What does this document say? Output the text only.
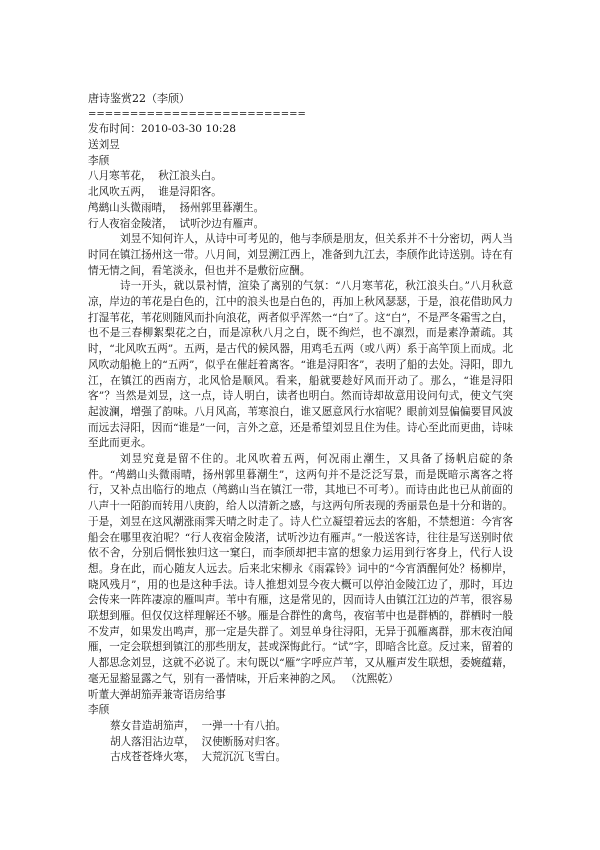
唐诗鉴赏22（李颀）
==========================
发布时间：2010-03-30 10:28
送刘昱
李颀
八月寒苇花，  秋江浪头白。
北风吹五两，  谁是浔阳客。
鸬鹚山头微雨晴，  扬州郭里暮潮生。
行人夜宿金陵渚，  试听沙边有雁声。

刘昱不知何许人，从诗中可考见的，他与李颀是朋友，但关系并不十分密切，两人当时同在镇江扬州这一带。八月间，刘昱溯江西上，准备到九江去，李颀作此诗送别。诗在有情无情之间，看笔淡永，但也并不是敷衍应酬。

诗一开头，就以景衬情，渲染了离别的气氛：“八月寒苇花，秋江浪头白。”八月秋意凉，岸边的苇花是白色的，江中的浪头也是白色的，再加上秋风瑟瑟，于是，浪花借助风力打湿苇花，苇花则随风而扑向浪花，两者似乎浑然一“白”了。这“白”，不是严冬霜雪之白，也不是三春柳絮梨花之白，而是凉秋八月之白，既不绚烂，也不凛烈，而是素净萧疏。其时，“北风吹五两”。五两，是古代的候风器，用鸡毛五两（或八两）系于高竿顶上而成。北风吹动船桅上的“五两”，似乎在催赶着离客。“谁是浔阳客”，表明了船的去处。浔阳，即九江，在镇江的西南方，北风恰是顺风。看来，船就要趁好风而开动了。那么，“谁是浔阳客”？当然是刘昱，这一点，诗人明白，读者也明白。然而诗却故意用设问句式，使文气突起波澜，增强了韵味。八月风高，苇寒浪白，谁又愿意风行水宿呢？眼前刘昱偏偏要冒风波而远去浔阳，因而“谁是”一问，言外之意，还是希望刘昱且住为佳。诗心至此而更曲，诗味至此而更永。

刘昱究竟是留不住的。北风吹着五两，何况雨止潮生，又具备了扬帆启碇的条件。“鸬鹚山头微雨晴，扬州郭里暮潮生”，这两句并不是泛泛写景，而是既暗示离客之将行，又补点出临行的地点（鸬鹚山当在镇江一带，其地已不可考）。而诗由此也已从前面的八声十一陌韵而转用八庚韵，给人以清新之感，与这两句所表现的秀丽景色是十分和谐的。于是，刘昱在这风潮涨雨霁天晴之时走了。诗人伫立凝望着远去的客船，不禁想道：今宵客船会在哪里夜泊呢？“行人夜宿金陵渚，试听沙边有雁声。”一般送客诗，往往是写送别时依依不舍，分别后惘怅独归这一窠臼，而李颀却把丰富的想象力运用到行客身上，代行人设想。身在此，而心随友人远去。后来北宋柳永《雨霖铃》词中的“今宵酒醒何处？杨柳岸，晓风残月”，用的也是这种手法。诗人推想刘昱今夜大概可以停泊金陵江边了，那时，耳边会传来一阵阵凄凉的雁叫声。苇中有雁，这是常见的，因而诗人由镇江江边的芦苇，很容易联想到雁。但仅仅这样理解还不够。雁是合群性的禽鸟，夜宿苇中也是群栖的，群栖时一般不发声，如果发出鸣声，那一定是失群了。刘昱单身往浔阳，无异于孤雁离群，那末夜泊闻雁，一定会联想到镇江的那些朋友，甚或深悔此行。“试”字，即暗含比意。反过来，留着的人都思念刘昱，这就不必说了。末句既以“雁”字呼应芦苇，又从雁声发生联想，委婉蕴藉，毫无显豁显露之气，别有一番情味，开后来神韵之风。 （沈熙乾）

听董大弹胡笳弄兼寄语房给事
李颀
蔡女昔造胡笳声，  一弹一十有八拍。
胡人落泪沾边草，  汉使断肠对归客。
古戍苍苍烽火寒，  大荒沉沉飞雪白。
